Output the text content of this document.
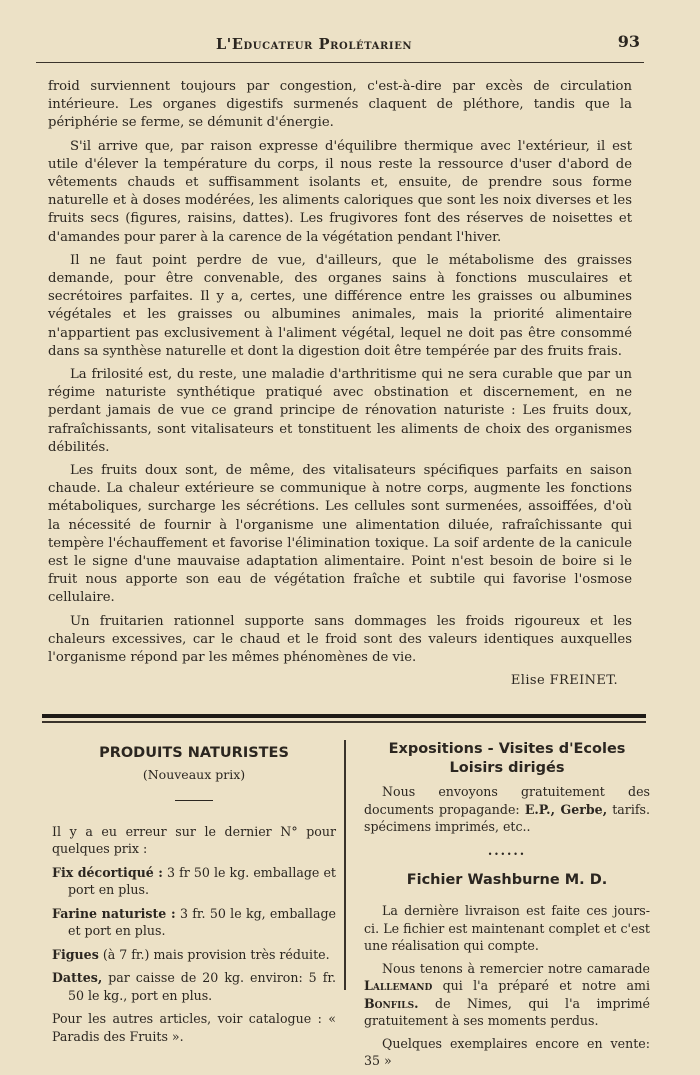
L'Educateur Prolétarien	93

froid surviennent toujours par congestion, c'est-à-dire par excès de circulation intérieure. Les organes digestifs surmenés claquent de pléthore, tandis que la périphérie se ferme, se démunit d'énergie.

S'il arrive que, par raison expresse d'équilibre thermique avec l'extérieur, il est utile d'élever la température du corps, il nous reste la ressource d'user d'abord de vêtements chauds et suffisamment isolants et, ensuite, de prendre sous forme naturelle et à doses modérées, les aliments caloriques que sont les noix diverses et les fruits secs (figures, raisins, dattes). Les frugivores font des réserves de noisettes et d'amandes pour parer à la carence de la végétation pendant l'hiver.

Il ne faut point perdre de vue, d'ailleurs, que le métabolisme des graisses demande, pour être convenable, des organes sains à fonctions musculaires et secrétoires parfaites. Il y a, certes, une différence entre les graisses ou albumines végétales et les graisses ou albumines animales, mais la priorité alimentaire n'appartient pas exclusivement à l'aliment végétal, lequel ne doit pas être consommé dans sa synthèse naturelle et dont la digestion doit être tempérée par des fruits frais.

La frilosité est, du reste, une maladie d'arthritisme qui ne sera curable que par un régime naturiste synthétique pratiqué avec obstination et discernement, en ne perdant jamais de vue ce grand principe de rénovation naturiste : Les fruits doux, rafraîchissants, sont vitalisateurs et tonstituent les aliments de choix des organismes débilités.

Les fruits doux sont, de même, des vitalisateurs spécifiques parfaits en saison chaude. La chaleur extérieure se communique à notre corps, augmente les fonctions métaboliques, surcharge les sécrétions. Les cellules sont surmenées, assoiffées, d'où la nécessité de fournir à l'organisme une alimentation diluée, rafraîchissante qui tempère l'échauffement et favorise l'élimination toxique. La soif ardente de la canicule est le signe d'une mauvaise adaptation alimentaire. Point n'est besoin de boire si le fruit nous apporte son eau de végétation fraîche et subtile qui favorise l'osmose cellulaire.

Un fruitarien rationnel supporte sans dommages les froids rigoureux et les chaleurs excessives, car le chaud et le froid sont des valeurs identiques auxquelles l'organisme répond par les mêmes phénomènes de vie.

Elise FREINET.
PRODUITS NATURISTES
(Nouveaux prix)

Il y a eu erreur sur le dernier N° pour quelques prix :

Fix décortiqué : 3 fr 50 le kg. emballage et port en plus.

Farine naturiste : 3 fr. 50 le kg, emballage et port en plus.

Figues (à 7 fr.) mais provision très réduite.

Dattes, par caisse de 20 kg. environ: 5 fr. 50 le kg., port en plus.

Pour les autres articles, voir catalogue : « Paradis des Fruits ».

Expositions - Visites d'Ecoles
Loisirs dirigés

Nous envoyons gratuitement des documents propagande: E.P., Gerbe, tarifs. spécimens imprimés, etc..

......
Fichier Washburne M. D.

La dernière livraison est faite ces jours-ci. Le fichier est maintenant complet et c'est une réalisation qui compte.

Nous tenons à remercier notre camarade Lallemand qui l'a préparé et notre ami Bonfils. de Nimes, qui l'a imprimé gratuitement à ses moments perdus.

Quelques exemplaires encore en vente: 35 »
